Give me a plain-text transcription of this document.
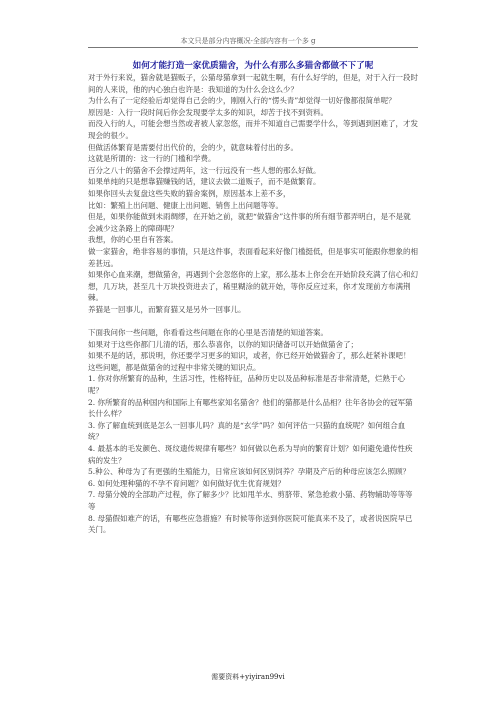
本文只是部分内容概况-全部内容有一个多 g
如何才能打造一家优质猫舍，为什么有那么多猫舍都做不下了呢

对于外行来说，猫舍就是猫贩子，公猫母猫拿到一起就生啊，有什么好学的，但是，对于入行一段时间的人来说，他的内心独白也许是：我知道的为什么会这么少？

为什么有了一定经验后却觉得自己会的少，刚刚入行的“愣头青”却觉得一切好像都很简单呢？

原因是：入行一段时间后你会发现要学太多的知识，却苦于找不到资料。

而没入行的人，可能会想当然或者被人家忽悠，而并不知道自己需要学什么，等到遇到困难了，才发现会的很少。

但做活体繁育是需要付出代价的，会的少，就意味着付出的多。

这就是所谓的：这一行的门槛和学费。

百分之八十的猫舍不会撑过两年，这一行远没有一些人想的那么好做。

如果单纯的只是想靠猫赚钱的话，建议去做二道贩子，而不是做繁育。

如果你回头去复盘这些失败的猫舍案例，原因基本上差不多，

比如：繁殖上出问题、健康上出问题、销售上出问题等等。

但是，如果你能做到未雨绸缪，在开始之前，就把“做猫舍”这件事的所有细节都弄明白，是不是就会减少这条路上的障碍呢？

我想，你的心里自有答案。

做一家猫舍，绝非容易的事情，只是这件事，表面看起来好像门槛挺低，但是事实可能跟你想象的相差甚远。

如果你心血来潮，想做猫舍，再遇到个会忽悠你的上家，那么基本上你会在开始阶段充满了信心和幻想，几万块，甚至几十万块投资进去了，稀里糊涂的就开始，等你反应过来，你才发现前方布满荆棘。

养猫是一回事儿，而繁育猫又是另外一回事儿。

下面我问你一些问题，你看看这些问题在你的心里是否清楚的知道答案。

如果对于这些你都门儿清的话，那么恭喜你，以你的知识储备可以开始做猫舍了；

如果不是的话，那说明，你还要学习更多的知识，或者，你已经开始做猫舍了，那么赶紧补课吧！

这些问题，都是做猫舍的过程中非常关键的知识点。

1. 你对你所繁育的品种，生活习性，性格特征，品种历史以及品种标准是否非常清楚，烂熟于心呢？

2. 你所繁育的品种国内和国际上有哪些家知名猫舍？他们的猫都是什么品相？往年各协会的冠军猫长什么样？

3. 你了解血统到底是怎么一回事儿吗？真的是“玄学”吗？如何评估一只猫的血统呢？如何组合血统？

4. 最基本的毛发颜色、斑纹遗传规律有哪些？如何做以色系为导向的繁育计划？如何避免遗传性疾病的发生？

5.种公、种母为了有更强的生殖能力，日常应该如何区别饲养？孕期及产后的种母应该怎么照顾？

6. 如何处理种猫的不孕不育问题？如何做好优生优育规划？

7. 母猫分娩的全部助产过程，你了解多少？比如甩羊水、剪脐带、紧急抢救小猫、药物辅助等等等等

8. 母猫假如难产的话，有哪些应急措施？有时候等你送到你医院可能真来不及了，或者说医院早已关门。

需要资料+yiyiran99vi
